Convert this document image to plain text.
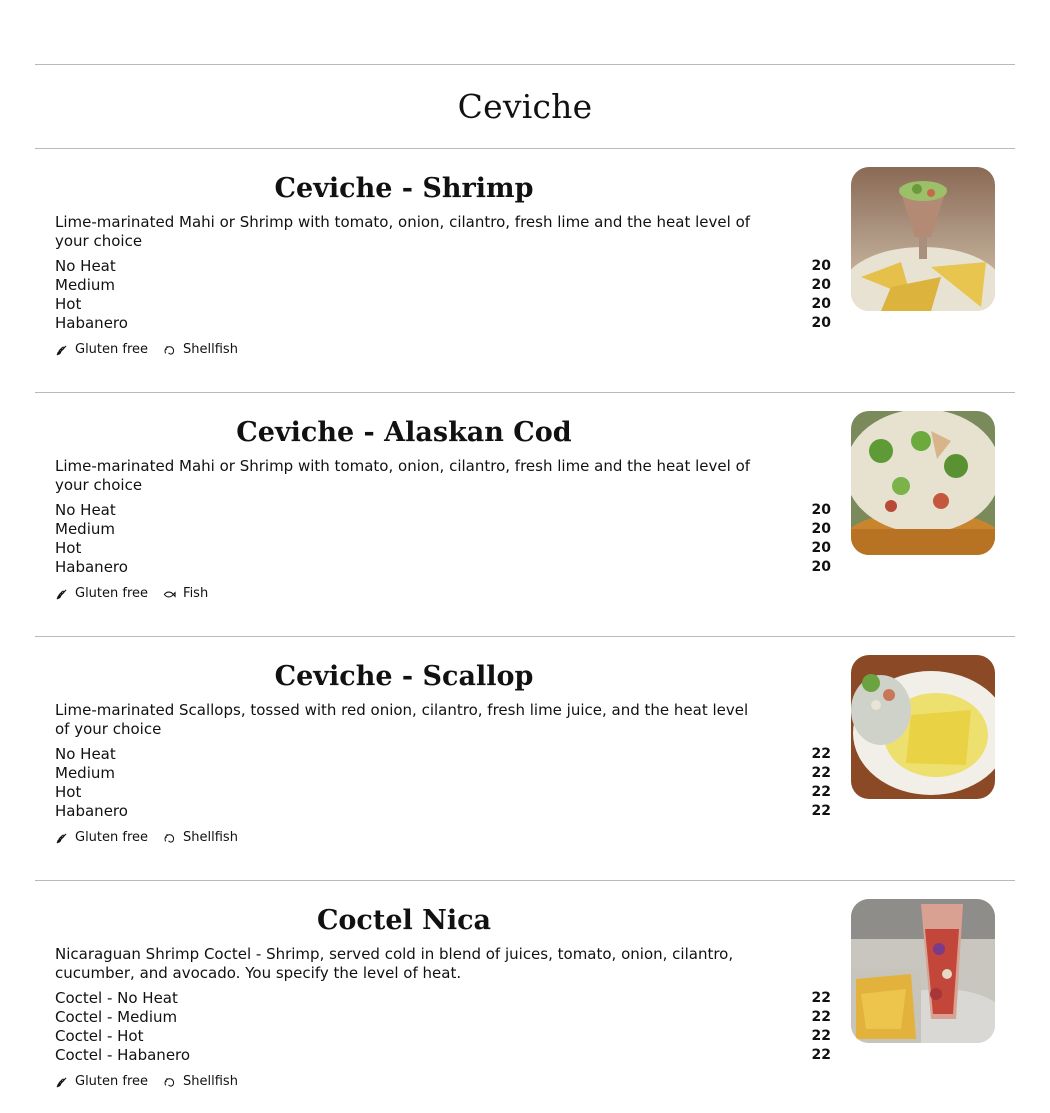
Ceviche
Ceviche - Shrimp

Lime-marinated Mahi or Shrimp with tomato, onion, cilantro, fresh lime and the heat level of your choice

No Heat	20
Medium	20
Hot	20
Habanero	20
Gluten free	Shellfish
Ceviche - Alaskan Cod

Lime-marinated Mahi or Shrimp with tomato, onion, cilantro, fresh lime and the heat level of your choice

No Heat	20
Medium	20
Hot	20
Habanero	20
Gluten free	Fish
Ceviche - Scallop

Lime-marinated Scallops, tossed with red onion, cilantro, fresh lime juice, and the heat level of your choice

No Heat	22
Medium	22
Hot	22
Habanero	22
Gluten free	Shellfish
Coctel Nica

Nicaraguan Shrimp Coctel - Shrimp, served cold in blend of juices, tomato, onion, cilantro, cucumber, and avocado. You specify the level of heat.

Coctel - No Heat	22
Coctel - Medium	22
Coctel - Hot	22
Coctel - Habanero	22
Gluten free	Shellfish
